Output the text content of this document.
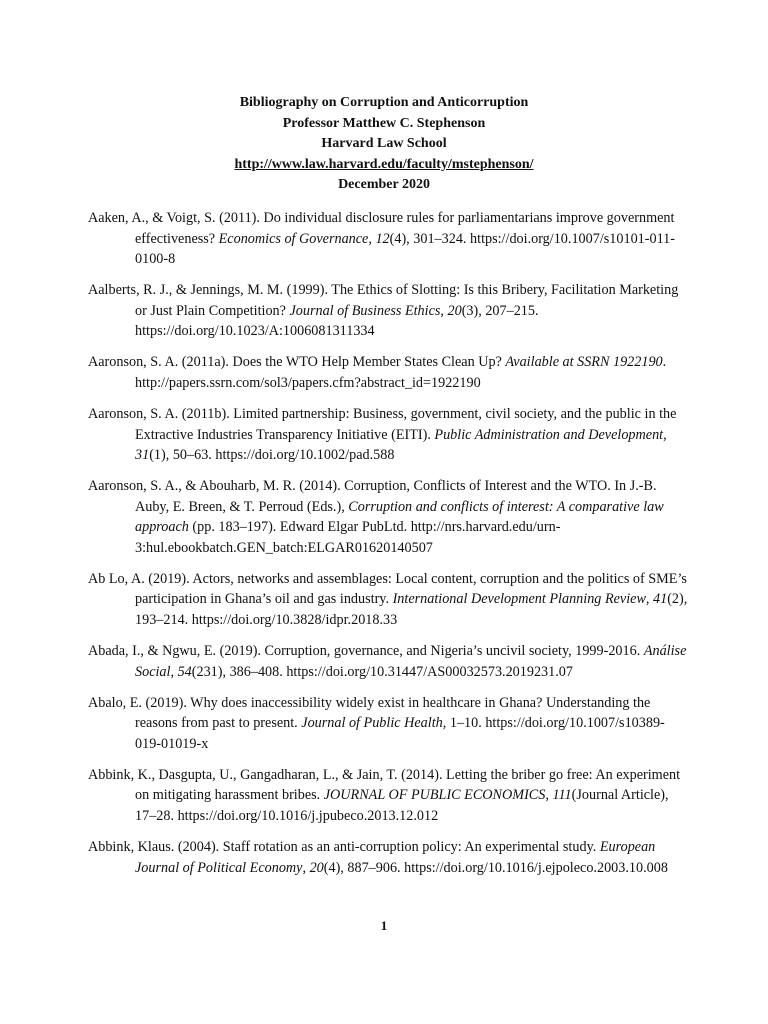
Bibliography on Corruption and Anticorruption
Professor Matthew C. Stephenson
Harvard Law School
http://www.law.harvard.edu/faculty/mstephenson/
December 2020

Aaken, A., & Voigt, S. (2011). Do individual disclosure rules for parliamentarians improve government effectiveness? Economics of Governance, 12(4), 301–324. https://doi.org/10.1007/s10101-011-0100-8

Aalberts, R. J., & Jennings, M. M. (1999). The Ethics of Slotting: Is this Bribery, Facilitation Marketing or Just Plain Competition? Journal of Business Ethics, 20(3), 207–215. https://doi.org/10.1023/A:1006081311334

Aaronson, S. A. (2011a). Does the WTO Help Member States Clean Up? Available at SSRN 1922190. http://papers.ssrn.com/sol3/papers.cfm?abstract_id=1922190

Aaronson, S. A. (2011b). Limited partnership: Business, government, civil society, and the public in the Extractive Industries Transparency Initiative (EITI). Public Administration and Development, 31(1), 50–63. https://doi.org/10.1002/pad.588

Aaronson, S. A., & Abouharb, M. R. (2014). Corruption, Conflicts of Interest and the WTO. In J.-B. Auby, E. Breen, & T. Perroud (Eds.), Corruption and conflicts of interest: A comparative law approach (pp. 183–197). Edward Elgar PubLtd. http://nrs.harvard.edu/urn-3:hul.ebookbatch.GEN_batch:ELGAR01620140507

Ab Lo, A. (2019). Actors, networks and assemblages: Local content, corruption and the politics of SME’s participation in Ghana’s oil and gas industry. International Development Planning Review, 41(2), 193–214. https://doi.org/10.3828/idpr.2018.33

Abada, I., & Ngwu, E. (2019). Corruption, governance, and Nigeria’s uncivil society, 1999-2016. Análise Social, 54(231), 386–408. https://doi.org/10.31447/AS00032573.2019231.07

Abalo, E. (2019). Why does inaccessibility widely exist in healthcare in Ghana? Understanding the reasons from past to present. Journal of Public Health, 1–10. https://doi.org/10.1007/s10389-019-01019-x

Abbink, K., Dasgupta, U., Gangadharan, L., & Jain, T. (2014). Letting the briber go free: An experiment on mitigating harassment bribes. JOURNAL OF PUBLIC ECONOMICS, 111(Journal Article), 17–28. https://doi.org/10.1016/j.jpubeco.2013.12.012

Abbink, Klaus. (2004). Staff rotation as an anti-corruption policy: An experimental study. European Journal of Political Economy, 20(4), 887–906. https://doi.org/10.1016/j.ejpoleco.2003.10.008

1
